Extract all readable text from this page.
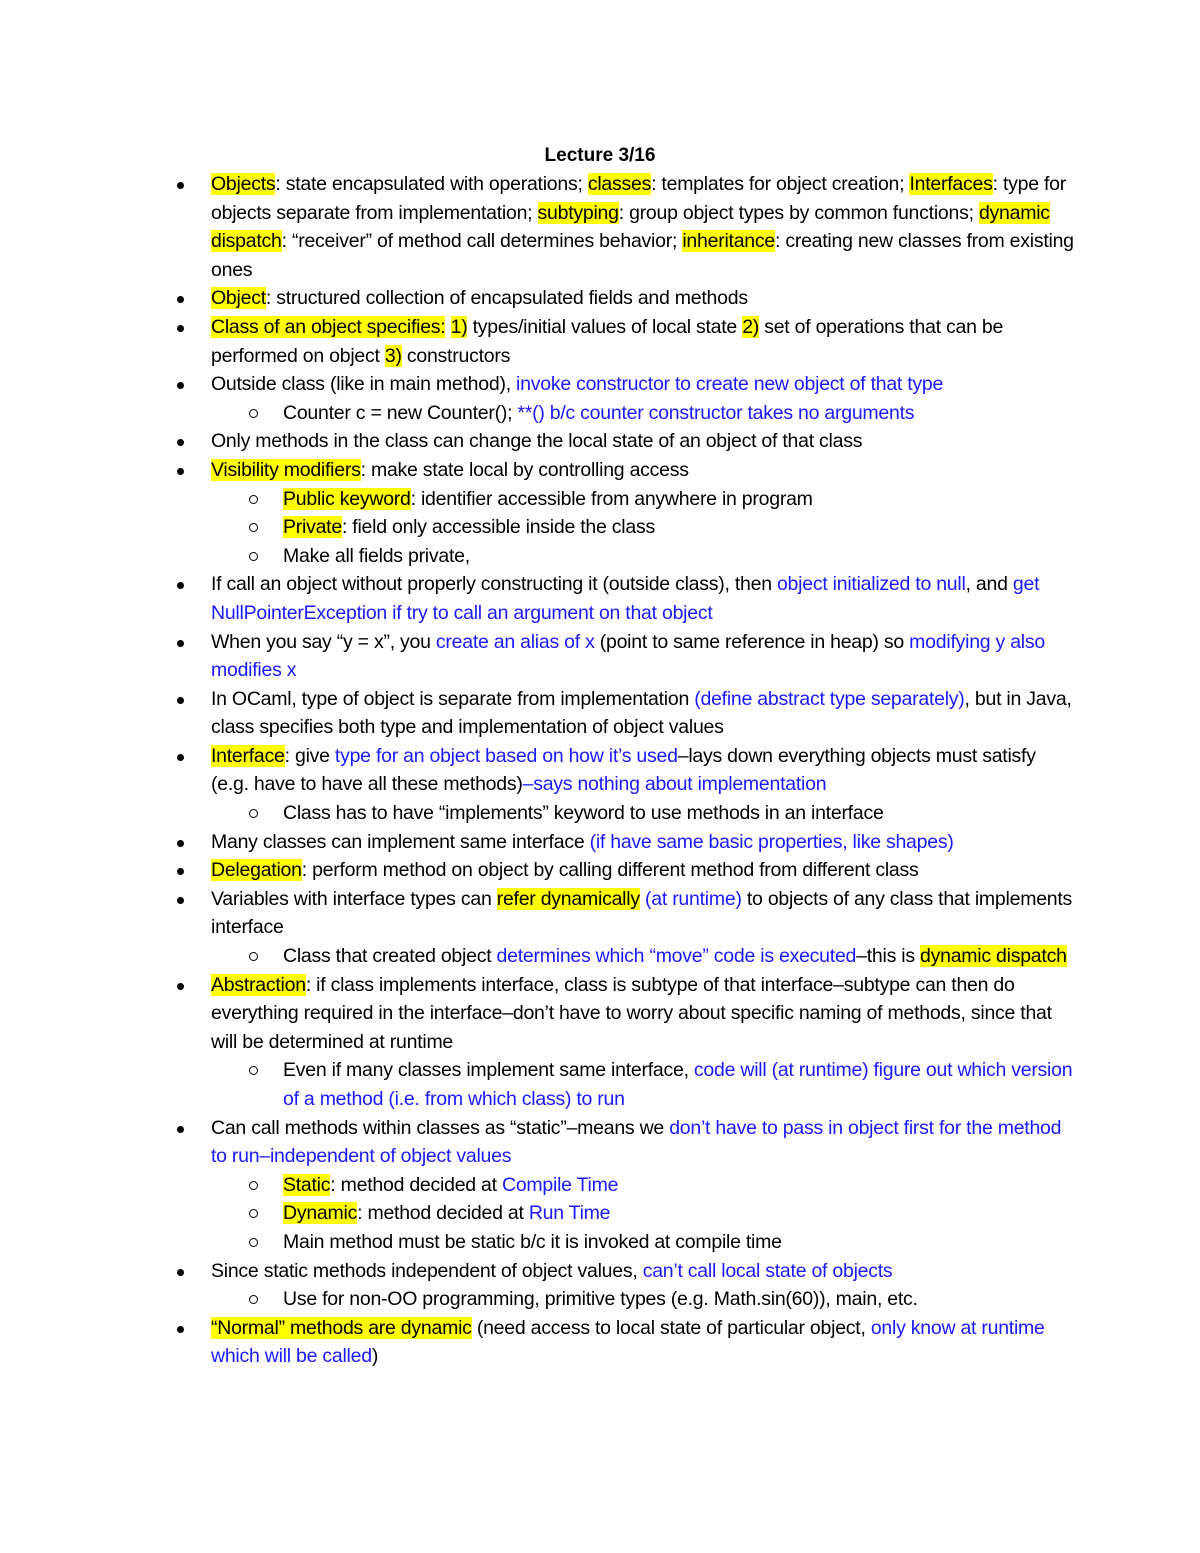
Lecture 3/16
Objects: state encapsulated with operations; classes: templates for object creation; Interfaces: type for objects separate from implementation; subtyping: group object types by common functions; dynamic dispatch: “receiver” of method call determines behavior; inheritance: creating new classes from existing ones
Object: structured collection of encapsulated fields and methods
Class of an object specifies: 1) types/initial values of local state 2) set of operations that can be performed on object 3) constructors
Outside class (like in main method), invoke constructor to create new object of that type
Counter c = new Counter(); **() b/c counter constructor takes no arguments
Only methods in the class can change the local state of an object of that class
Visibility modifiers: make state local by controlling access
Public keyword: identifier accessible from anywhere in program
Private: field only accessible inside the class
Make all fields private,
If call an object without properly constructing it (outside class), then object initialized to null, and get NullPointerException if try to call an argument on that object
When you say “y = x”, you create an alias of x (point to same reference in heap) so modifying y also modifies x
In OCaml, type of object is separate from implementation (define abstract type separately), but in Java, class specifies both type and implementation of object values
Interface: give type for an object based on how it’s used–lays down everything objects must satisfy (e.g. have to have all these methods)–says nothing about implementation
Class has to have “implements” keyword to use methods in an interface
Many classes can implement same interface (if have same basic properties, like shapes)
Delegation: perform method on object by calling different method from different class
Variables with interface types can refer dynamically (at runtime) to objects of any class that implements interface
Class that created object determines which “move” code is executed–this is dynamic dispatch
Abstraction: if class implements interface, class is subtype of that interface–subtype can then do everything required in the interface–don’t have to worry about specific naming of methods, since that will be determined at runtime
Even if many classes implement same interface, code will (at runtime) figure out which version of a method (i.e. from which class) to run
Can call methods within classes as “static”–means we don’t have to pass in object first for the method to run–independent of object values
Static: method decided at Compile Time
Dynamic: method decided at Run Time
Main method must be static b/c it is invoked at compile time
Since static methods independent of object values, can’t call local state of objects
Use for non-OO programming, primitive types (e.g. Math.sin(60)), main, etc.
“Normal” methods are dynamic (need access to local state of particular object, only know at runtime which will be called)
